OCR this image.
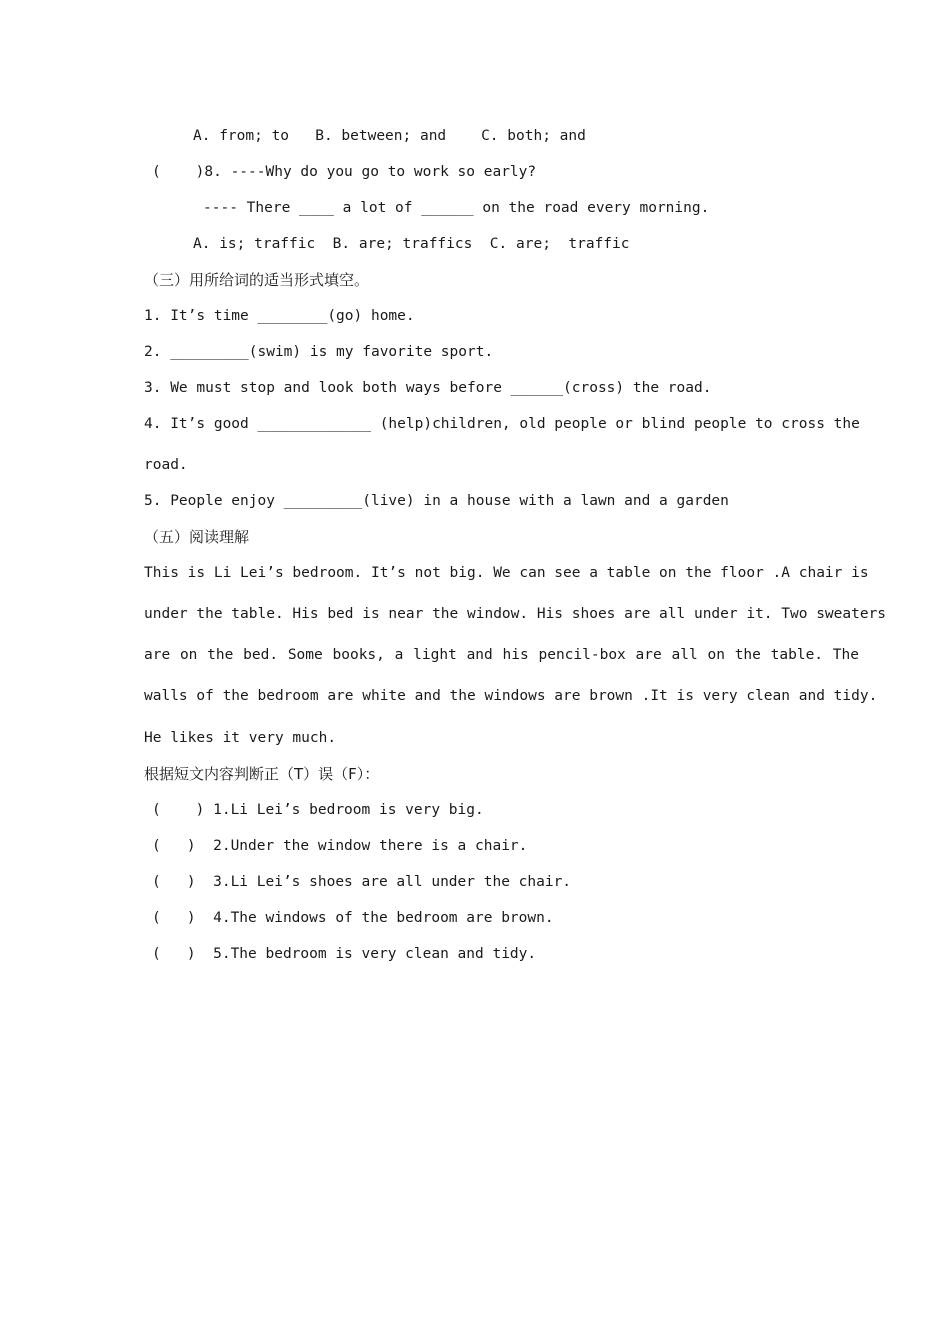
A. from; to   B. between; and    C. both; and
(    )8. ----Why do you go to work so early?
---- There ____ a lot of ______ on the road every morning.
A. is; traffic  B. are; traffics  C. are;  traffic
（三）用所给词的适当形式填空。
1. It’s time ________(go) home.
2. _________(swim) is my favorite sport.
3. We must stop and look both ways before ______(cross) the road.
4. It’s good _____________ (help)children, old people or blind people to cross the
road.
5. People enjoy _________(live) in a house with a lawn and a garden
（五）阅读理解
This is Li Lei’s bedroom. It’s not big. We can see a table on the floor .A chair is
under the table. His bed is near the window. His shoes are all under it. Two sweaters
are on the bed. Some books, a light and his pencil-box are all on the table. The
walls of the bedroom are white and the windows are brown .It is very clean and tidy.
He likes it very much.
根据短文内容判断正（T）误（F）：
(    ) 1.Li Lei’s bedroom is very big.
(   )  2.Under the window there is a chair.
(   )  3.Li Lei’s shoes are all under the chair.
(   )  4.The windows of the bedroom are brown.
(   )  5.The bedroom is very clean and tidy.
